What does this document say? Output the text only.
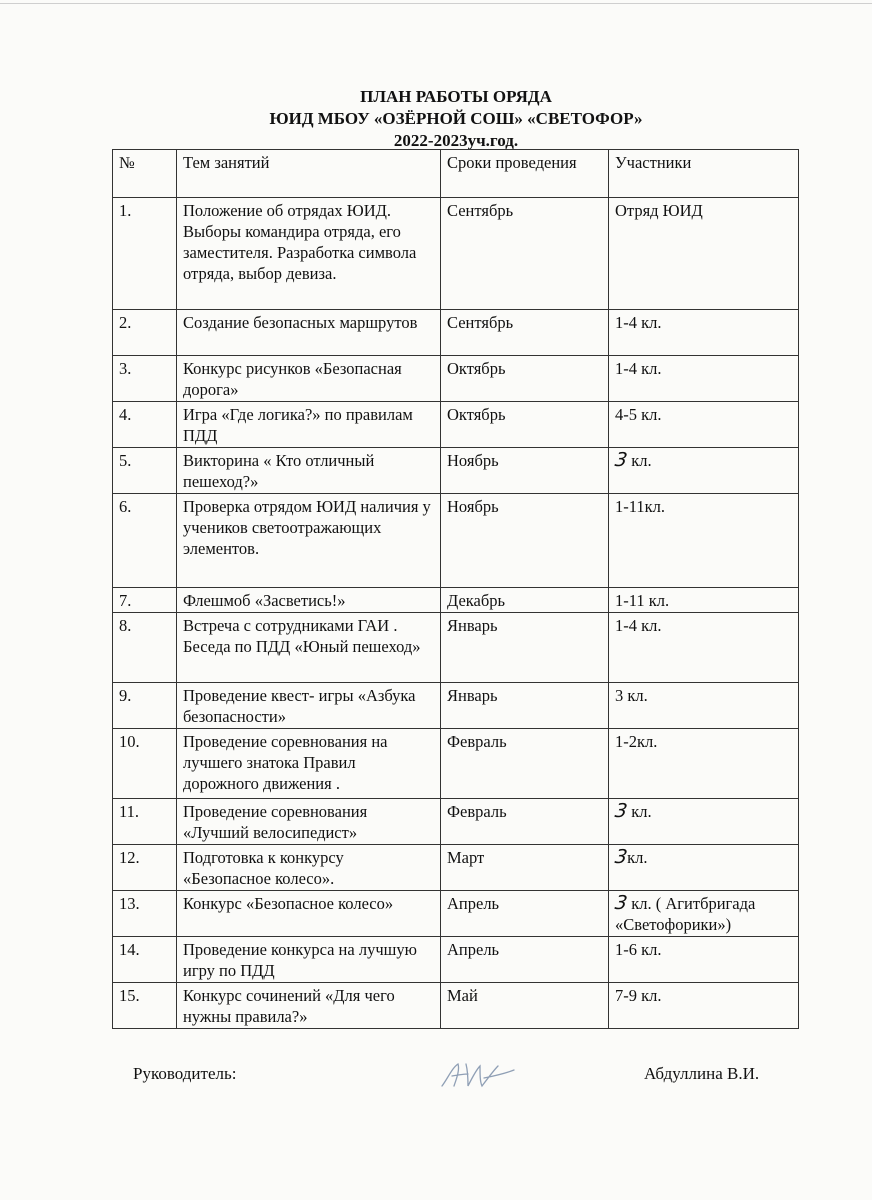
ПЛАН РАБОТЫ ОРЯДА
ЮИД МБОУ «ОЗЁРНОЙ СОШ» «СВЕТОФОР»
2022-2023уч.год.
№	Тем занятий	Сроки проведения	Участники
1.	Положение об отрядах ЮИД. Выборы командира отряда, его заместителя. Разработка символа отряда, выбор девиза.	Сентябрь	Отряд ЮИД
2.	Создание безопасных маршрутов	Сентябрь	1-4 кл.
3.	Конкурс рисунков «Безопасная дорога»	Октябрь	1-4 кл.
4.	Игра «Где логика?» по правилам ПДД	Октябрь	4-5 кл.
5.	Викторина « Кто отличный пешеход?»	Ноябрь	3 кл.
6.	Проверка отрядом ЮИД наличия у учеников светоотражающих элементов.	Ноябрь	1-11кл.
7.	Флешмоб «Засветись!»	Декабрь	1-11 кл.
8.	Встреча с сотрудниками ГАИ . Беседа по ПДД «Юный пешеход»	Январь	1-4 кл.
9.	Проведение квест- игры «Азбука безопасности»	Январь	3 кл.
10.	Проведение соревнования на лучшего знатока Правил дорожного движения .	Февраль	1-2кл.
11.	Проведение соревнования «Лучший велосипедист»	Февраль	3 кл.
12.	Подготовка к конкурсу «Безопасное колесо».	Март	3кл.
13.	Конкурс «Безопасное колесо»	Апрель	3 кл. ( Агитбригада «Светофорики»)
14.	Проведение конкурса на лучшую игру по ПДД	Апрель	1-6 кл.
15.	Конкурс сочинений «Для чего нужны правила?»	Май	7-9 кл.
Руководитель:	Абдуллина В.И.
